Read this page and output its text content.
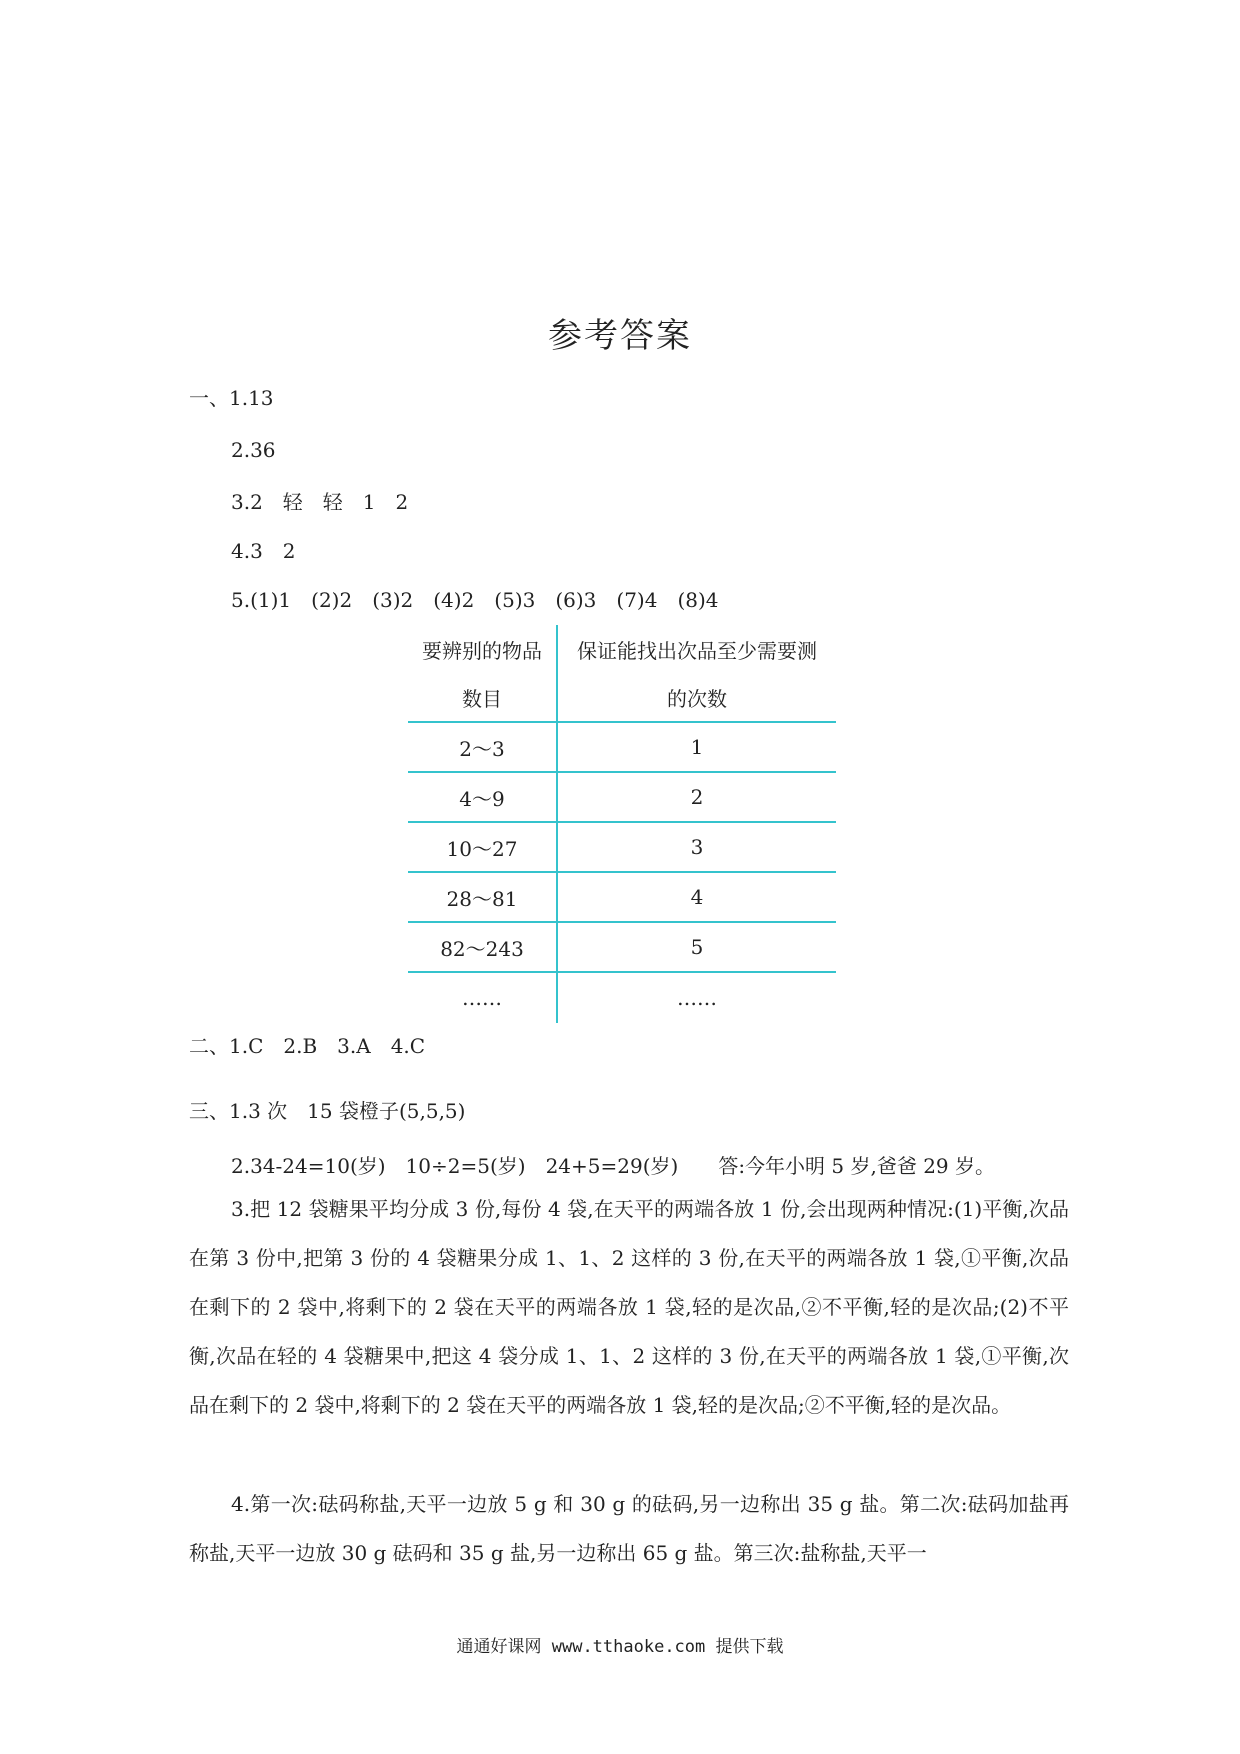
参考答案
一、1.13
2.36
3.2　轻　轻　1　2
4.3　2
5.(1)1　(2)2　(3)2　(4)2　(5)3　(6)3　(7)4　(8)4
要辨别的物品	保证能找出次品至少需要测
数目	的次数
2～3	1
4～9	2
10～27	3
28～81	4
82～243	5
……	……
二、1.C　2.B　3.A　4.C
三、1.3 次　15 袋橙子(5,5,5)
2.34-24=10(岁)　10÷2=5(岁)　24+5=29(岁)　　答:今年小明 5 岁,爸爸 29 岁。
3.把 12 袋糖果平均分成 3 份,每份 4 袋,在天平的两端各放 1 份,会出现两种情况:(1)平衡,次品在第 3 份中,把第 3 份的 4 袋糖果分成 1、1、2 这样的 3 份,在天平的两端各放 1 袋,①平衡,次品在剩下的 2 袋中,将剩下的 2 袋在天平的两端各放 1 袋,轻的是次品,②不平衡,轻的是次品;(2)不平衡,次品在轻的 4 袋糖果中,把这 4 袋分成 1、1、2 这样的 3 份,在天平的两端各放 1 袋,①平衡,次品在剩下的 2 袋中,将剩下的 2 袋在天平的两端各放 1 袋,轻的是次品;②不平衡,轻的是次品。
4.第一次:砝码称盐,天平一边放 5 g 和 30 g 的砝码,另一边称出 35 g 盐。第二次:砝码加盐再称盐,天平一边放 30 g 砝码和 35 g 盐,另一边称出 65 g 盐。第三次:盐称盐,天平一
通通好课网 www.tthaoke.com 提供下载
